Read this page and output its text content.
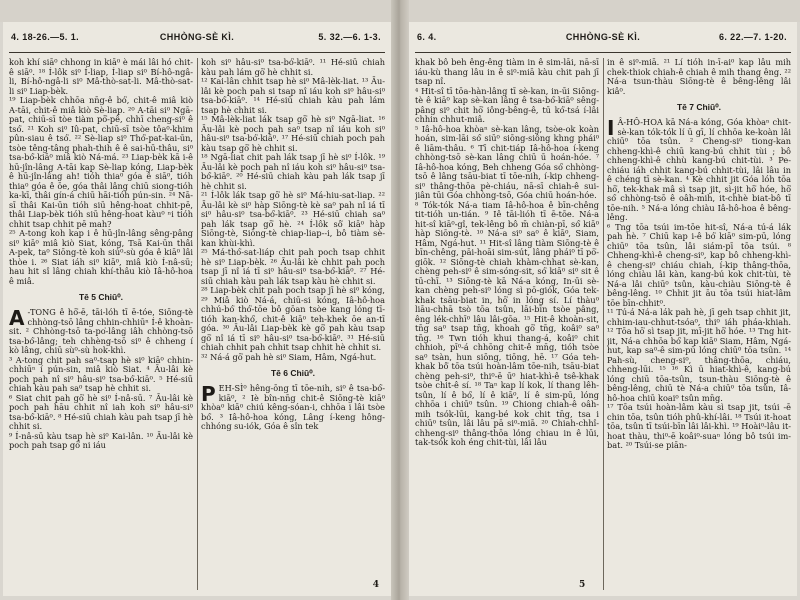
4. 18-26.—5. 1.	CHHÒNG-SÈ KÌ.	5. 32.—6. 1-3.
koh khí siā⁰ chhong in kiā⁰ è mái lâi hó chit-ê siā⁰. ¹⁸ Í-lôk si⁰ Í-liap, Í-liap si⁰ Bí-hô-ngâ-li, Bí-hô-ngâ-li si⁰ Mâ-thò-sat-li. Mâ-thò-sat-li si⁰ Liap-bèk.
¹⁹ Liap-bèk chhōa nn̄g-ê bó͘, chit-ê miâ kiò A-tāi, chit-ê miâ kiò Sè-liap. ²⁰ A-tāi si⁰ Ngā-pat, chiū-sī tòe tiàm pō͘-pê, chhī cheng-si⁰ ê tsó͘. ²¹ Koh si⁰ Iû-pat, chiū-sī tsòe tôa⁰-khim pûn-siau ê tsó͘. ²² Sè-liap si⁰ Thó͘-pat-kai-ūn, tsòe têng-tâng phah-thih ê ê sai-hū-thâu, si⁰ tsa-bó͘-kiā⁰ miâ kiò Ná-má. ²³ Liap-bèk kā i-ê hū-jîn-lâng A-tāi kap Sè-liap kóng, Liap-bèk ê hū-jîn-lâng ah! tióh thia⁰ góa ê siā⁰, tióh thia⁰ góa ê ōe, góa thâi lâng chiū siong-tióh ka-kī, thâi gín-á chiū hāi-tióh pún-sin. ²⁴ Nā-sī thâi Kai-ūn tióh siū hêng-hoat chhit-pē, thâi Liap-bèk tióh siū hêng-hoat kàu⁰ ⁿi tióh chhit tsap chhit pē mah?
²⁵ A-tong koh kap i ê hū-jîn-lâng sêng-pâng si⁰ kiā⁰ miâ kiò Siat, kóng, Tsā Kai-ūn thâi A-pek, ta⁰ Siōng-tè koh siú⁰-sù góa ê kiā⁰ lâi thòe i. ²⁶ Siat iáh si⁰ kiā⁰, miâ kiò Í-nâ-sū; hau hit sî lâng chiah khí-thâu kiò Iâ-hô-hoa ê miâ.
Tē 5 Chiū⁰.
A -TONG ê hō͘-ē, tāi-lóh tī ē-tóe, Siōng-tè chhòng-tsō lâng chhin-chhiūⁿ Í-ê khoàn-sit. ² Chhòng-tsō ta-po͘-lâng iâh chhòng-tsō tsa-bó͘-lâng; teh chhèng-tsō si⁰ ê chheng í kò lâng, chiū sù⁰-sù hok-khì.
³ A-tong chit pah sa⁰-tsap hè si⁰ kiā⁰ chhin-chhiūⁿ í pún-sin, miâ kiò Siat. ⁴ Āu-lâi kè poch pah nî si⁰ hâu-si⁰ tsa-bó͘-kiā⁰. ⁵ Hé-siū chiah kàu pah sa⁰ tsap hè chhit si.
⁶ Siat chit pah gō͘ hè si⁰ Í-nâ-sū. ⁷ Āu-lâi kè poch pah hāu chhit nî iah koh si⁰ hâu-si⁰ tsa-bó͘-kiā⁰. ⁸ Hé-siū chiah kàu pah tsap jī hè chhit si.
⁹ Í-nâ-sū kàu tsap hè si⁰ Kai-lân. ¹⁰ Āu-lâi kè poch pah tsap gō͘ ni iáu
koh si⁰ hâu-si⁰ tsa-bó͘-kiā⁰. ¹¹ Hé-siū chiah kàu pah lám gō͘ hè chhit si.
¹² Kai-lân chhit tsap hè si⁰ Mâ-lèk-liat. ¹³ Āu-lâi kè poch pah si tsap nî iáu koh si⁰ hâu-si⁰ tsa-bó͘-kiā⁰. ¹⁴ Hé-siū chiah kàu pah lám tsap hè chhit si.
¹⁵ Mâ-lèk-liat lák tsap gō͘ hè si⁰ Ngā-liat. ¹⁶ Āu-lâi kè poch pah sa⁰ tsap nî iáu koh si⁰ hâu-si⁰ tsa-bó͘-kiā⁰. ¹⁷ Hé-siū chiah poch pah kàu tsap gō͘ hè chhit si.
¹⁸ Ngā-liat chit pah lák tsap jī hè si⁰ Í-lôk. ¹⁹ Āu-lâi kè poch pah nî iáu koh si⁰ hâu-si⁰ tsa-bó͘-kiā⁰. ²⁰ Hé-siū chiah kàu pah lák tsap jī hè chhit si.
²¹ Í-lôk lák tsap gō͘ hè si⁰ Má-hiu-sat-liap. ²² Āu-lâi kè si⁰ hàp Siōng-tè kè sa⁰ pah nî iá tī si⁰ hâu-si⁰ tsa-bó͘-kiā⁰. ²³ Hé-siū chiah sa⁰ pah lák tsap gō͘ hè. ²⁴ Í-lôk sô͘ kiā⁰ hàp Siōng-tè, Siōng-tè chiap-liap--i, bô tiàm sè-kan khùi-khì.
²⁵ Má-thó͘-sat-liáp chit pah poch tsap chhit hè si⁰ Liap-bèk. ²⁶ Āu-lâi kè chhit pah poch tsap jī nî iá tī si⁰ hâu-si⁰ tsa-bó͘-kiā⁰. ²⁷ Hé-siū chiah kàu pah lák tsap kàu hè chhit si.
²⁸ Liap-bèk chit pah poch tsap jī hè si⁰ kóng, ²⁹ Miâ kiò Ná-á, chiū-si kóng, Iâ-hô-hoa chhú-bó͘ thó͘-tōe bô gōan tsòe kang lóng tī-tióh kan-khó͘, chit-ê kiā⁰ teh-khek ōe an-tī góa. ³⁰ Āu-lâi Liap-bèk kè gō͘ pah kàu tsap gō͘ nî iá tī si⁰ hâu-si⁰ tsa-bó͘-kiā⁰. ³¹ Hé-siū chiah chhit pah chhit tsap chhit hè chhit si.
³² Ná-á gō͘ pah hè si⁰ Siam, Hâm, Ngá-hut.
Tē 6 Chiū⁰.
PEH-SÌ⁰ hêng-ōng tī tōe-nih, si⁰ ê tsa-bó͘-kiā⁰, ² Iè bîn-nn̄g chit-ê Siōng-tè kiā⁰ khòa⁰ kiā⁰ chiú kêng-sóan-i, chhōa i lâi tsòe bó͘. ³ Iâ-hô-hoa kóng, Lâng í-keng hông-chhóng su-iók, Góa ê sîn tek
4
6. 4.	CHHÒNG-SÈ KÌ.	6. 22.—7. 1-20.
khak bô beh êng-êng tiàm in ê sim-lāi, nā-sī iáu-kù thang lâu in ê si⁰-miā kàu chit pah jī tsap nî.
⁴ Hit-sî tī tōa-hàn-lâng tī sè-kan, in-ūi Siōng-tè ê kiā⁰ kap sè-kan lâng ê tsa-bó͘-kiā⁰ sêng-pâng si⁰ chit hō͘ iông-bêng-ê, tū kó͘-tsá í-lâi chhin chhut-miâ.
⁵ Iâ-hô-hoa khòaⁿ sè-kan lâng, tsòe-ok koàn hoán, sim-lāi só͘ siū⁰ siōng-siông khng phái⁰ ê liām-thâu. ⁶ Tī chit-tiáp Iâ-hô-hoa í-keng chhòng-tsō sè-kan lâng chiū ū hoán-hóe. ⁷ Iâ-hô-hoa kóng, Beh chheng Góa só͘ chhòng-tsō ê lâng tsāu-biat tī tōe-nih, í-kip chheng-si⁰ thâng-thōa pè-chiáu, nā-sī chiah-ê sui-jiân tūi Góa chhòng-tsō, Góa chiū hoán-hóe.
⁸ Tók-tók Ná-a tiam Iâ-hô-hoa ê bīn-chêng tit-tióh un-tián. ⁹ Iê tāi-lióh tī ē-tōe. Ná-a hit-sî kiā⁰-gî, tek-lêng bô m̄ chiàn-pī, só͘ kiā⁰ hàp Siōng-tè. ¹⁰ Ná-a si⁰ sa⁰ ê kiā⁰, Siam, Hâm, Ngá-hut. ¹¹ Hit-sî lâng tiàm Siōng-tè ê bīn-chêng, pāi-hoāi sim-sút, lâng phái⁰ tī pō͘-giōk. ¹² Siōng-tè chiah khàm-chhat sè-kan, chèng peh-si⁰ ê sim-sóng-sit, só͘ kiā⁰ si⁰ sit ê tū-chī. ¹³ Siōng-tè kā Ná-a kóng, In-ūi sè-kan chèng peh-si⁰ lóng sì pō-giók, Góa tek-khak tsāu-biat in, hō͘ in lóng sí. Lí thàu⁰ liāu-chhā tsò tōa tsûn, lāi-bīn tsòe pâng, êng lék-chhī⁰ lâu lâi-gōa. ¹⁵ Hit-ê khoàn-sit, tn̄g sa⁰ tsap tn̄g, khoah gō͘ tn̄g, koâi⁰ sa⁰ tn̄g. ¹⁶ Twn tióh khui thang-á, koâi⁰ chit chhioh, pī⁰-á chhōng chit-ê mn̄g, tióh tsòe sa⁰ tsàn, hun siōng, tiōng, hē. ¹⁷ Góa teh-khak bô͘ tōa tsúi hoàn-lâm tōe-nih, tsāu-biat chèng peh-si⁰, thi⁰-ē ū⁰ hiat-khì-ê tsê-khak tsòe chit-ê sí. ¹⁸ Taⁿ kap lí kok, lí thang lêh-tsûn, lí ê bó͘, lí ê kiā⁰, lí ê sim-pū, lóng chhōa i chiū⁰ tsûn. ¹⁹ Chiong chiah-ê oâh-mih tsók-lūi, kang-bé kok chit tn̄g, tsa i chiū⁰ tsûn, lâi lâu pā si⁰-miā. ²⁰ Chiah-chhî-chheng-si⁰ thâng-thōa lóng chiau in ê lūi, tak-tsók koh éng chit-tùi, lâi lâu
in ê si⁰-miā. ²¹ Lí tióh in-ī-ai⁰ kap lâu mih chek-thiok chiah-ê chiah ê mih thang êng. ²² Ná-a tsun-thàu Siōng-tè ê bêng-lêng lâi kiâ⁰.
Tē 7 Chiū⁰.
I Â-HÔ-HOA kā Ná-a kóng, Góa khòaⁿ chit-sè-kan tók-tók lí ū gī, lí chhōa ke-koàn lâi chiū⁰ tōa tsûn. ² Cheng-si⁰ tiong-kan chheng-khì-ê chiū kang-bú chhit tùi ; bô chheng-khì-ê chhù kang-bú chit-tùi. ³ Pe-chiáu iáh chhit kang-bú chhit-tùi, lâi lâu in ê chéng tī sè-kan. ⁴ Kè chhit jit Góa lóh tōa hō͘, tek-khak mâ sì tsap jit, sì-jit hō͘ hóe, hō͘ só͘ chhòng-tsō ê oâh-mih, it-chhè biat-bô tī tōe-nih. ⁵ Ná-a lóng chiàu Iâ-hô-hoa ê bêng-lêng.
⁶ Tng tōa tsúi im-tōe hit-sî, Ná-a tú-á lák pah hè. ⁷ Chiū kap i-ê bó͘ kiā⁰ sim-pū, lóng chiū⁰ tōa tsûn, lâi siám-pī tōa tsúi. ⁸ Chheng-khì-ê cheng-si⁰, kap bô chheng-khì-ê cheng-si⁰ chiáu chiah, í-kip thâng-thōa, lóng chiàu lâi kàn, kang-bú kok chit-tùi, tè Ná-a lâi chiū⁰ tsûn, kàu-chiàu Siōng-tè ê bêng-lêng. ¹⁰ Chhit jit āu tōa tsúi hiat-lâm tōe bīn-chhit⁰.
¹¹ Tú-á Ná-a lák pah hè, jī geh tsap chhit jit, chhim-iau-chhut-tsóa⁰, thi⁰ iáh pháa-khiah. ¹² Tōa hō͘ sì tsap jit, mī-jit hō͘ hóe. ¹³ Tng hit-jit, Ná-a chhōa bó͘ kap kiā⁰ Siam, Hâm, Ngá-hut, kap sa⁰-ê sim-pū lóng chiū⁰ tōa tsûn. ¹⁴ Pah-sù, cheng-si⁰, thâng-thōa, chiáu, chheng-lūi. ¹⁵ ¹⁶ Kì ū hiat-khì-ê, kang-bú lóng chiū tōa-tsûn, tsun-thàu Siōng-tè ê bêng-lêng, chiū tè Ná-a chiū⁰ tōa tsûn, Iâ-hô-hoa chiū koai⁰ tsûn mn̄g.
¹⁷ Tōa tsúi hoàn-lâm kàu sì tsap jit, tsúi -ē chin tōa, tsûn tióh phû-khí-lâi. ¹⁸ Tsúi it-hoat tōa, tsûn tī tsúi-bīn lâi lâi-khì. ¹⁹ Hoài⁰-lâu it-hoat thàu, thi⁰-ē koâi⁰-suaⁿ lóng bô tsúi im-bat. ²⁰ Tsúi-se piān-
5
